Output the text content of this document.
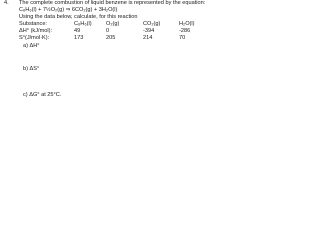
4. The complete combustion of liquid benzene is represented by the equation:
C₆H₆(l) + 7½O₂(g) ⇒ 6CO₂(g) + 3H₂O(l)
Using the data below, calculate, for this reaction
Substance:	C₆H₆(l)	O₂(g)	CO₂(g)	H₂O(l)
ΔH° (kJ/mol):	49	0	-394	-286
S°(J/mol·K):	173	205	214	70
a) ΔH°
b) ΔS°
c) ΔG° at 25°C.
